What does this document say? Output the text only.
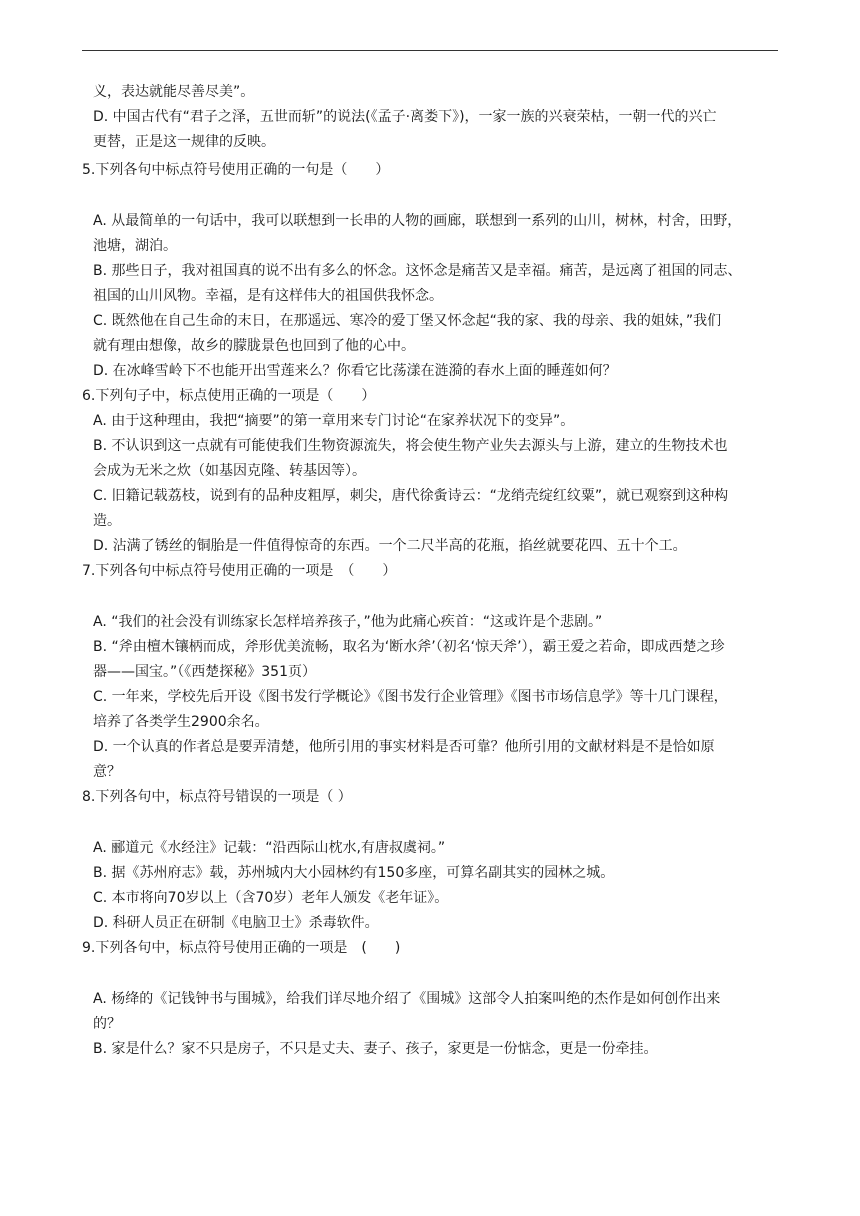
义，表达就能尽善尽美”。

D. 中国古代有“君子之泽，五世而斩”的说法(《孟子·离娄下》)，一家一族的兴衰荣枯，一朝一代的兴亡

更替，正是这一规律的反映。

5.下列各句中标点符号使用正确的一句是（　　）

A. 从最简单的一句话中，我可以联想到一长串的人物的画廊，联想到一系列的山川，树林，村舍，田野，

池塘，湖泊。

B. 那些日子，我对祖国真的说不出有多么的怀念。这怀念是痛苦又是幸福。痛苦，是远离了祖国的同志、

祖国的山川风物。幸福，是有这样伟大的祖国供我怀念。

C. 既然他在自己生命的末日，在那遥远、寒冷的爱丁堡又怀念起“我的家、我的母亲、我的姐妹，”我们

就有理由想像，故乡的朦胧景色也回到了他的心中。

D. 在冰峰雪岭下不也能开出雪莲来么？你看它比荡漾在涟漪的春水上面的睡莲如何？

6.下列句子中，标点使用正确的一项是（　　）

A. 由于这种理由，我把“摘要”的第一章用来专门讨论“在家养状况下的变异”。

B. 不认识到这一点就有可能使我们生物资源流失，将会使生物产业失去源头与上游，建立的生物技术也

会成为无米之炊（如基因克隆、转基因等）。

C. 旧籍记载荔枝，说到有的品种皮粗厚，刺尖，唐代徐夤诗云：“龙绡壳绽红纹粟”，就已观察到这种构

造。

D. 沾满了锈丝的铜胎是一件值得惊奇的东西。一个二尺半高的花瓶，掐丝就要花四、五十个工。

7.下列各句中标点符号使用正确的一项是　（　　）

A. “我们的社会没有训练家长怎样培养孩子，”他为此痛心疾首：“这或许是个悲剧。”

B. “斧由檀木镶柄而成，斧形优美流畅，取名为‘断水斧’（初名‘惊天斧’），霸王爱之若命，即成西楚之珍

器——国宝。”（《西楚探秘》351页）

C. 一年来，学校先后开设《图书发行学概论》《图书发行企业管理》《图书市场信息学》等十几门课程，

培养了各类学生2900余名。

D. 一个认真的作者总是要弄清楚，他所引用的事实材料是否可靠？他所引用的文献材料是不是恰如原

意？

8.下列各句中，标点符号错误的一项是（ ）

A. 郦道元《水经注》记载：“沿西际山枕水,有唐叔虞祠。”

B. 据《苏州府志》载，苏州城内大小园林约有150多座，可算名副其实的园林之城。

C. 本市将向70岁以上（含70岁）老年人颁发《老年证》。

D. 科研人员正在研制《电脑卫士》杀毒软件。

9.下列各句中，标点符号使用正确的一项是　(　　)

A. 杨绛的《记钱钟书与围城》，给我们详尽地介绍了《围城》这部令人拍案叫绝的杰作是如何创作出来

的？

B. 家是什么？家不只是房子，不只是丈夫、妻子、孩子，家更是一份惦念，更是一份牵挂。
